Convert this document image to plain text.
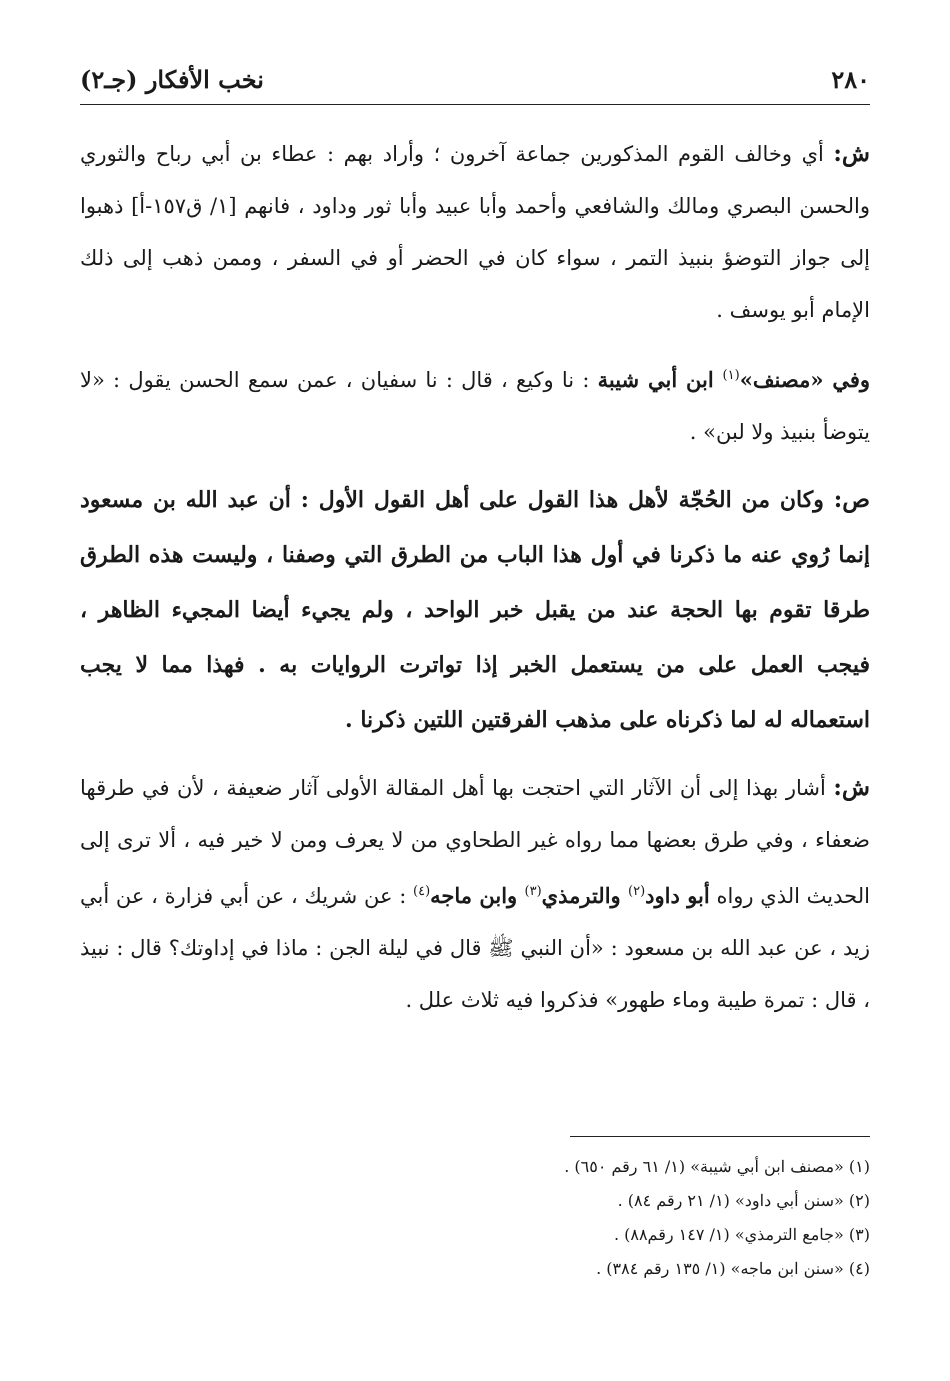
٢٨٠
نخب الأفكار (جـ٢)

ش: أي وخالف القوم المذكورين جماعة آخرون ؛ وأراد بهم : عطاء بن أبي رباح والثوري والحسن البصري ومالك والشافعي وأحمد وأبا عبيد وأبا ثور وداود ، فانهم [١/ ق١٥٧-أ] ذهبوا إلى جواز التوضؤ بنبيذ التمر ، سواء كان في الحضر أو في السفر ، وممن ذهب إلى ذلك الإمام أبو يوسف .

وفي «مصنف»$^{(١)}$ ابن أبي شيبة : نا وكيع ، قال : نا سفيان ، عمن سمع الحسن يقول : «لا يتوضأ بنبيذ ولا لبن» .

ص: وكان من الحُجّة لأهل هذا القول على أهل القول الأول : أن عبد الله بن مسعود إنما رُوي عنه ما ذكرنا في أول هذا الباب من الطرق التي وصفنا ، وليست هذه الطرق طرقا تقوم بها الحجة عند من يقبل خبر الواحد ، ولم يجيء أيضا المجيء الظاهر ، فيجب العمل على من يستعمل الخبر إذا تواترت الروايات به . فهذا مما لا يجب استعماله له لما ذكرناه على مذهب الفرقتين اللتين ذكرنا .

ش: أشار بهذا إلى أن الآثار التي احتجت بها أهل المقالة الأولى آثار ضعيفة ، لأن في طرقها ضعفاء ، وفي طرق بعضها مما رواه غير الطحاوي من لا يعرف ومن لا خير فيه ، ألا ترى إلى الحديث الذي رواه أبو داود$^{(٢)}$ والترمذي$^{(٣)}$ وابن ماجه$^{(٤)}$ : عن شريك ، عن أبي فزارة ، عن أبي زيد ، عن عبد الله بن مسعود : «أن النبي ﷺ قال في ليلة الجن : ماذا في إداوتك؟ قال : نبيذ ، قال : تمرة طيبة وماء طهور» فذكروا فيه ثلاث علل .

(١) «مصنف ابن أبي شيبة» (١/ ٦١ رقم ٦٥٠) .
(٢) «سنن أبي داود» (١/ ٢١ رقم ٨٤) .
(٣) «جامع الترمذي» (١/ ١٤٧ رقم٨٨) .
(٤) «سنن ابن ماجه» (١/ ١٣٥ رقم ٣٨٤) .
